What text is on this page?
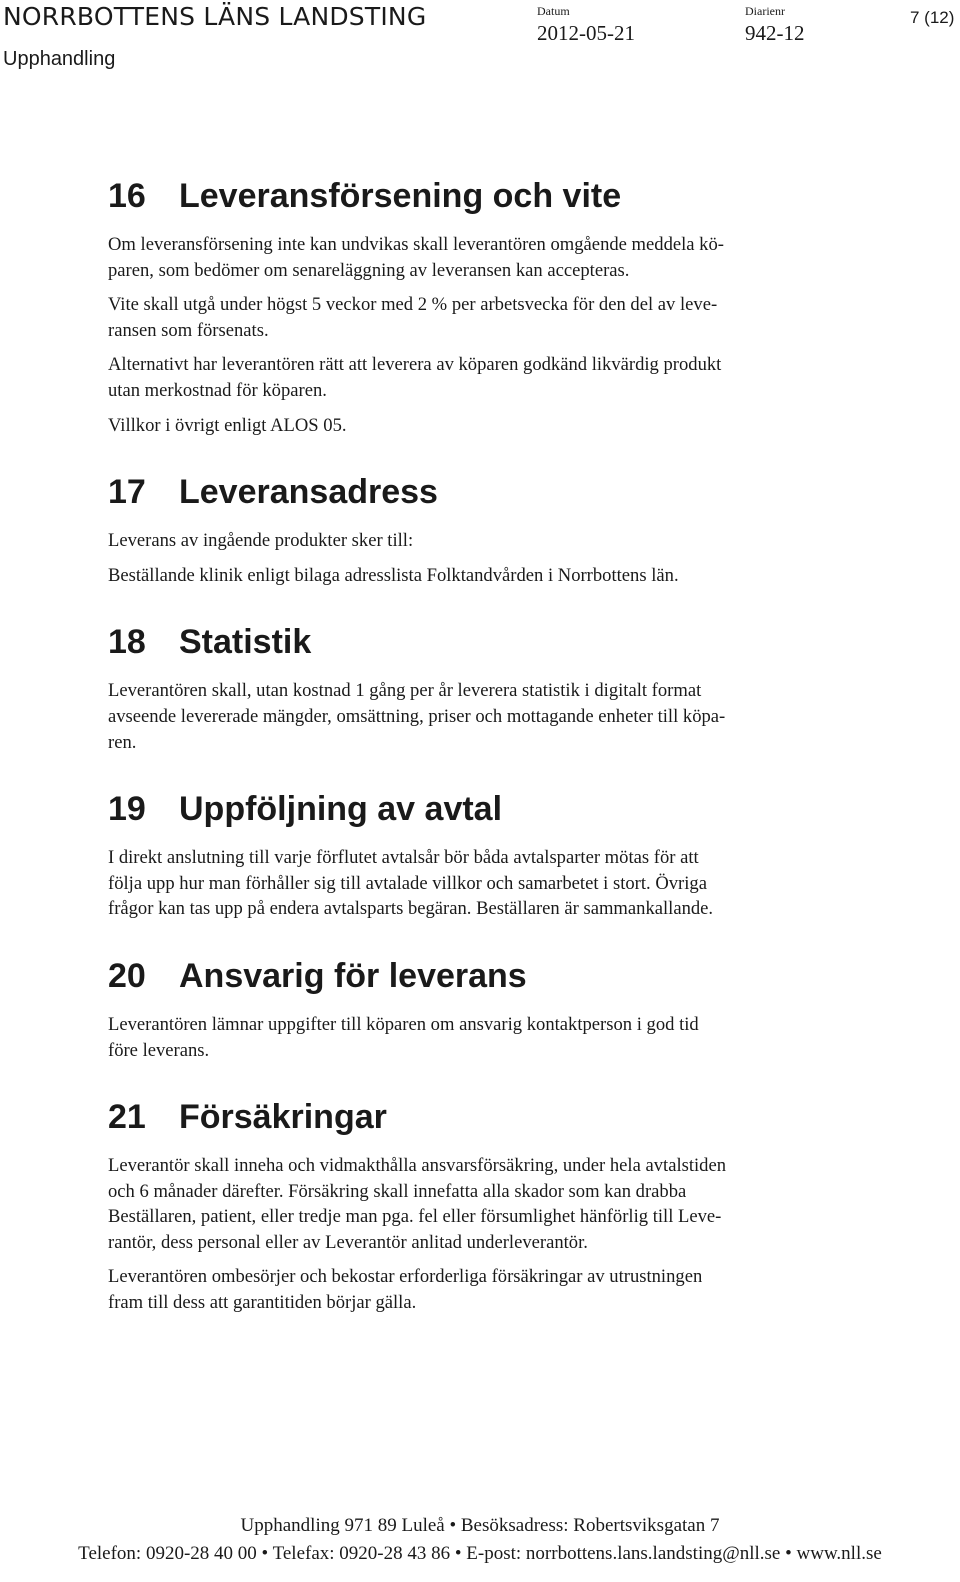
NORRBOTTENS LÄNS LANDSTING
Upphandling
Datum
2012-05-21
Diarienr
942-12
7 (12)
16 Leveransförsening och vite

Om leveransförsening inte kan undvikas skall leverantören omgående meddela kö-
paren, som bedömer om senareläggning av leveransen kan accepteras.

Vite skall utgå under högst 5 veckor med 2 % per arbetsvecka för den del av leve-
ransen som försenats.

Alternativt har leverantören rätt att leverera av köparen godkänd likvärdig produkt
utan merkostnad för köparen.

Villkor i övrigt enligt ALOS 05.

17 Leveransadress

Leverans av ingående produkter sker till:

Beställande klinik enligt bilaga adresslista Folktandvården i Norrbottens län.

18 Statistik

Leverantören skall, utan kostnad 1 gång per år leverera statistik i digitalt format
avseende levererade mängder, omsättning, priser och mottagande enheter till köpa-
ren.

19 Uppföljning av avtal

I direkt anslutning till varje förflutet avtalsår bör båda avtalsparter mötas för att
följa upp hur man förhåller sig till avtalade villkor och samarbetet i stort. Övriga
frågor kan tas upp på endera avtalsparts begäran. Beställaren är sammankallande.

20 Ansvarig för leverans

Leverantören lämnar uppgifter till köparen om ansvarig kontaktperson i god tid
före leverans.

21 Försäkringar

Leverantör skall inneha och vidmakthålla ansvarsförsäkring, under hela avtalstiden
och 6 månader därefter. Försäkring skall innefatta alla skador som kan drabba
Beställaren, patient, eller tredje man pga. fel eller försumlighet hänförlig till Leve-
rantör, dess personal eller av Leverantör anlitad underleverantör.

Leverantören ombesörjer och bekostar erforderliga försäkringar av utrustningen
fram till dess att garantitiden börjar gälla.

Upphandling 971 89 Luleå • Besöksadress: Robertsviksgatan 7
Telefon: 0920-28 40 00 • Telefax: 0920-28 43 86 • E-post: norrbottens.lans.landsting@nll.se • www.nll.se
